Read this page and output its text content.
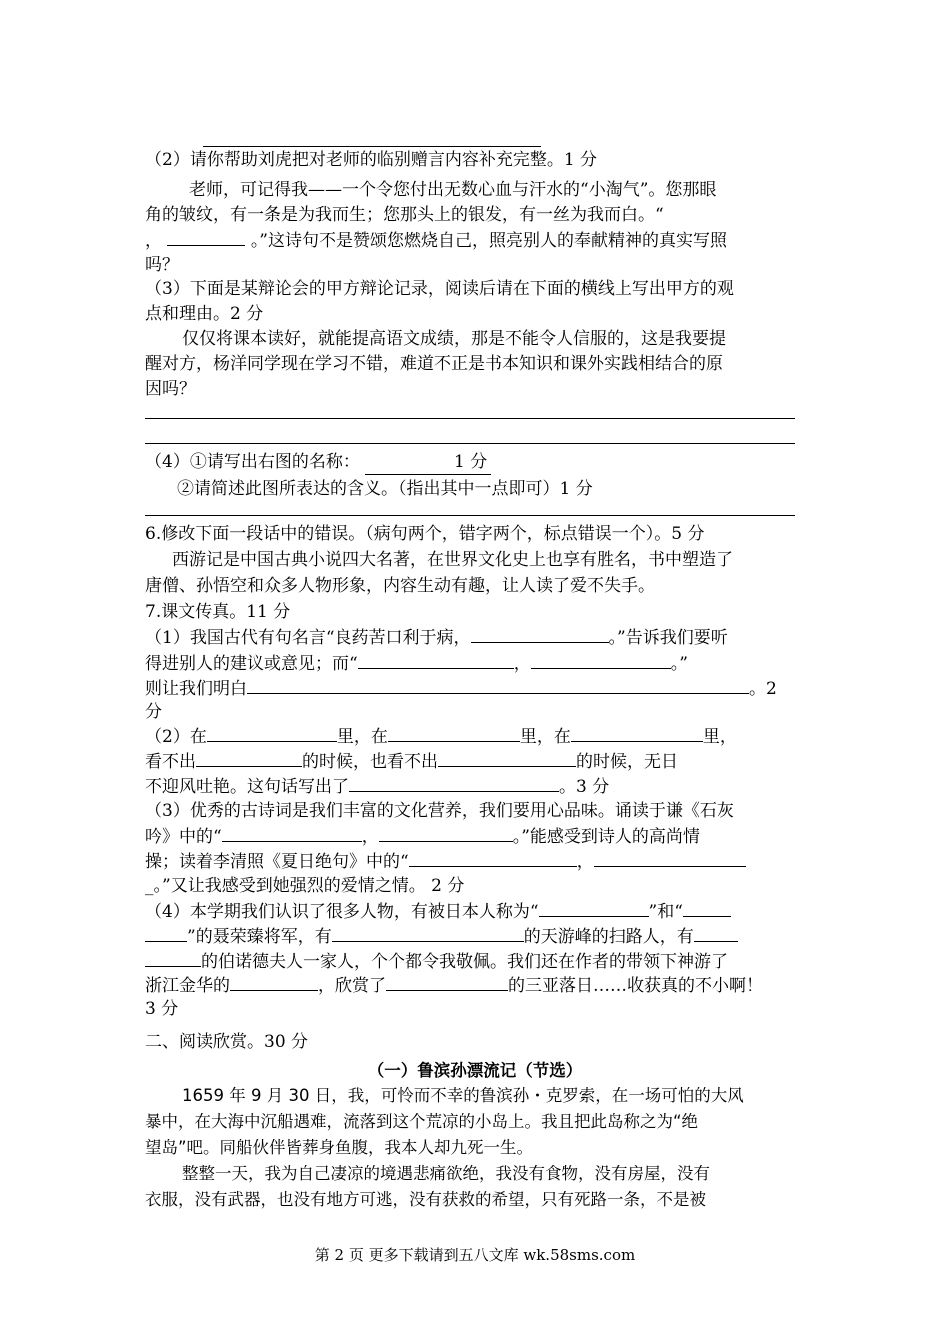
（2）请你帮助刘虎把对老师的临别赠言内容补充完整。1 分
老师，可记得我——一个令您付出无数心血与汗水的“小淘气”。您那眼
角的皱纹，有一条是为我而生；您那头上的银发，有一丝为我而白。“
，	。”这诗句不是赞颂您燃烧自己，照亮别人的奉献精神的真实写照
吗？
（3）下面是某辩论会的甲方辩论记录，阅读后请在下面的横线上写出甲方的观
点和理由。2 分
仅仅将课本读好，就能提高语文成绩，那是不能令人信服的，这是我要提
醒对方，杨洋同学现在学习不错，难道不正是书本知识和课外实践相结合的原
因吗？
（4）①请写出右图的名称：	1 分
②请简述此图所表达的含义。（指出其中一点即可）1 分
6.修改下面一段话中的错误。（病句两个，错字两个，标点错误一个）。5 分
西游记是中国古典小说四大名著，在世界文化史上也享有胜名，书中塑造了
唐僧、孙悟空和众多人物形象，内容生动有趣，让人读了爱不失手。
7.课文传真。11 分
（1）我国古代有句名言“良药苦口利于病，	。”告诉我们要听
得进别人的建议或意见；而“	，	。”
则让我们明白	。2
分
（2）在	里，在	里，在	里，
看不出	的时候，也看不出	的时候，无日
不迎风吐艳。这句话写出了	。3 分
（3）优秀的古诗词是我们丰富的文化营养，我们要用心品味。诵读于谦《石灰
吟》中的“	，	。”能感受到诗人的高尚情
操；读着李清照《夏日绝句》中的“	，
_。”又让我感受到她强烈的爱情之情。 2 分
（4）本学期我们认识了很多人物，有被日本人称为“	”和“
”的聂荣臻将军，有	的天游峰的扫路人，有
的伯诺德夫人一家人，个个都令我敬佩。我们还在作者的带领下神游了
浙江金华的	，欣赏了	的三亚落日……收获真的不小啊！
3 分
二、阅读欣赏。30 分
（一）鲁滨孙漂流记（节选）
1659 年 9 月 30 日，我，可怜而不幸的鲁滨孙・克罗索，在一场可怕的大风
暴中，在大海中沉船遇难，流落到这个荒凉的小岛上。我且把此岛称之为“绝
望岛”吧。同船伙伴皆葬身鱼腹，我本人却九死一生。
整整一天，我为自己凄凉的境遇悲痛欲绝，我没有食物，没有房屋，没有
衣服，没有武器，也没有地方可逃，没有获救的希望，只有死路一条，不是被
第 2 页 更多下载请到五八文库 wk.58sms.com
